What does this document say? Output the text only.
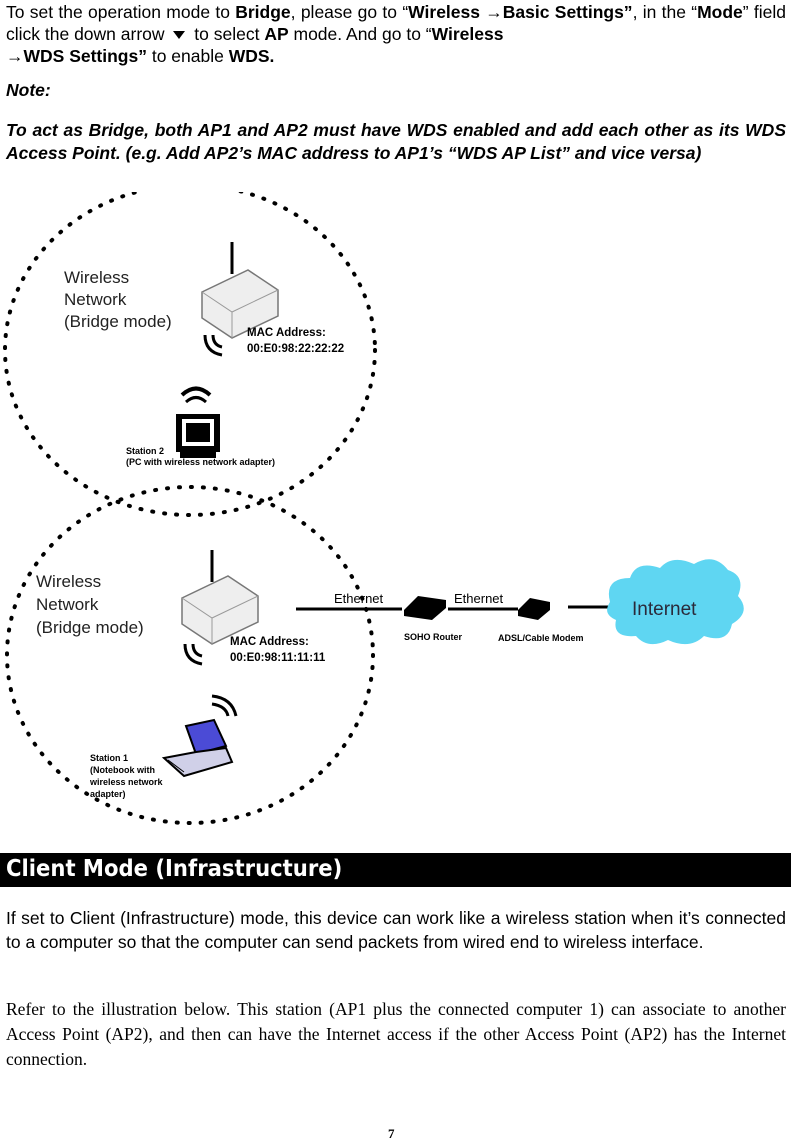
To set the operation mode to Bridge, please go to “Wireless →Basic Settings”, in the “Mode” field click the down arrow  to select AP mode. And go to “Wireless
→WDS Settings” to enable WDS.
Note:
To act as Bridge, both AP1 and AP2 must have WDS enabled and add each other as its WDS Access Point. (e.g. Add AP2’s MAC address to AP1’s “WDS AP List” and vice versa)
Wireless
Network
(Bridge mode)
MAC Address:
00:E0:98:22:22:22
Station 2
(PC with wireless network adapter)
Wireless
Network
(Bridge mode)
MAC Address:
00:E0:98:11:11:11
Station 1
(Notebook with
wireless network
adapter)
Ethernet
SOHO Router
Ethernet
ADSL/Cable Modem
Internet
Client Mode (Infrastructure)
If set to Client (Infrastructure) mode, this device can work like a wireless station when it’s connected to a computer so that the computer can send packets from wired end to wireless interface.
Refer to the illustration below. This station (AP1 plus the connected computer 1) can associate to another Access Point (AP2), and then can have the Internet access if the other Access Point (AP2) has the Internet connection.
7
